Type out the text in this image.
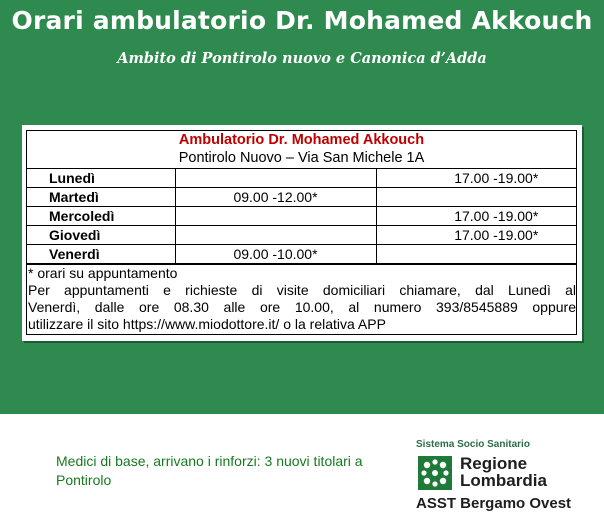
Orari ambulatorio Dr. Mohamed Akkouch
Ambito di Pontirolo nuovo e Canonica d’Adda
Ambulatorio Dr. Mohamed Akkouch
Pontirolo Nuovo – Via San Michele 1A
Lunedì		17.00 -19.00*
Martedì	09.00 -12.00*	
Mercoledì		17.00 -19.00*
Giovedì		17.00 -19.00*
Venerdì	09.00 -10.00*	
* orari su appuntamento
Per appuntamenti e richieste di visite domiciliari chiamare, dal Lunedì al
Venerdì, dalle ore 08.30 alle ore 10.00, al numero 393/8545889 oppure
utilizzare il sito https://www.miodottore.it/ o la relativa APP
Medici di base, arrivano i rinforzi: 3 nuovi titolari a Pontirolo
Sistema Socio Sanitario
Regione
Lombardia
ASST Bergamo Ovest
